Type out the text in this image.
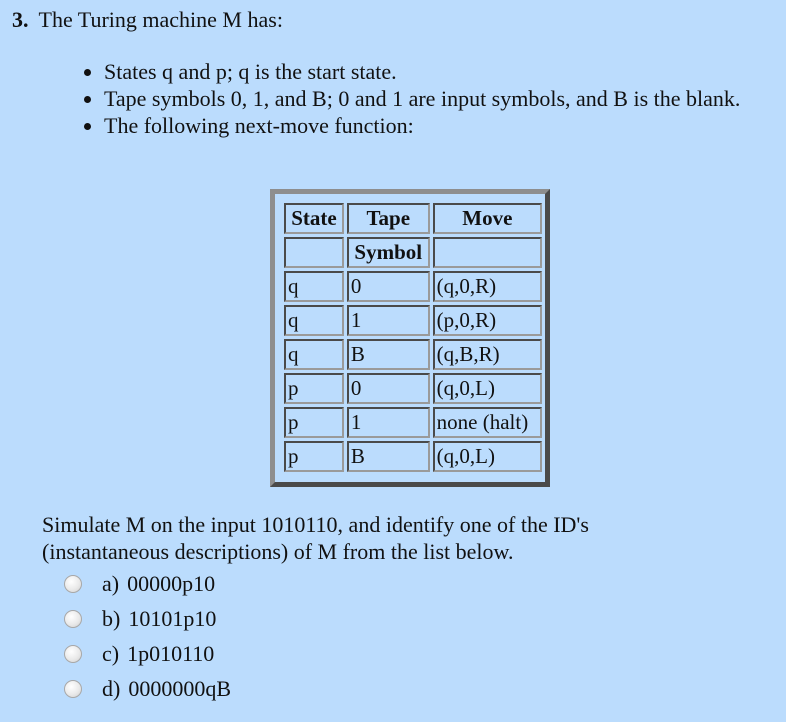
3. The Turing machine M has:
• States q and p; q is the start state.
• Tape symbols 0, 1, and B; 0 and 1 are input symbols, and B is the blank.
• The following next-move function:
State	Tape	Move
	Symbol	
q	0	(q,0,R)
q	1	(p,0,R)
q	B	(q,B,R)
p	0	(q,0,L)
p	1	none (halt)
p	B	(q,0,L)
Simulate M on the input 1010110, and identify one of the ID's
(instantaneous descriptions) of M from the list below.
a) 00000p10
b) 10101p10
c) 1p010110
d) 0000000qB
